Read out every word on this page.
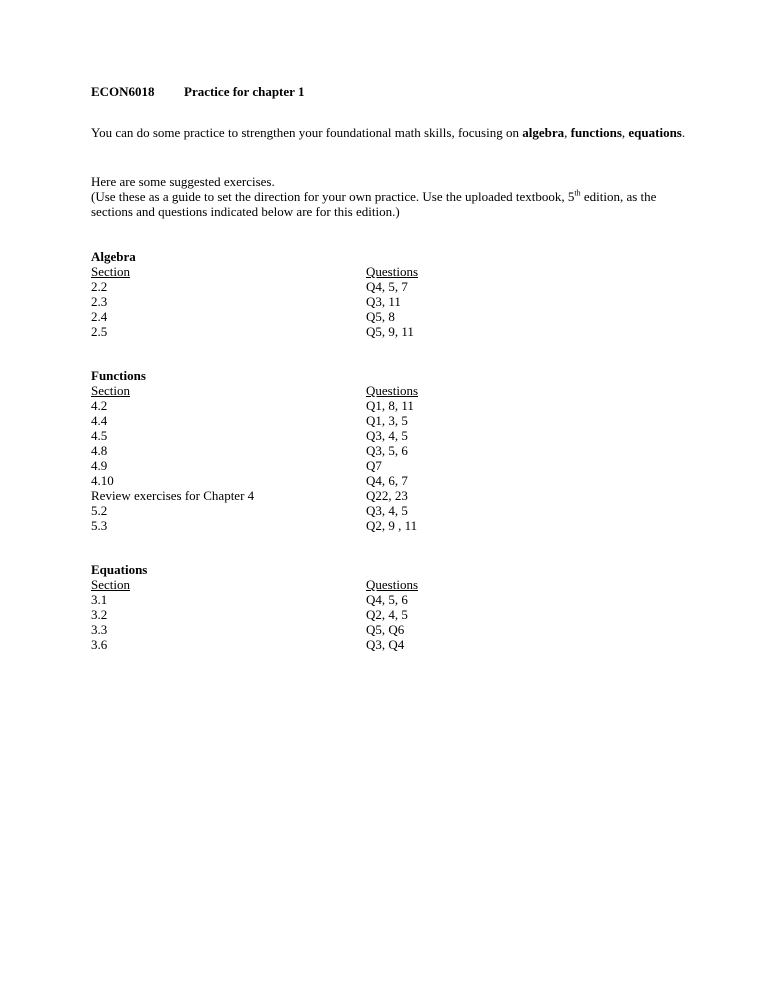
ECON6018 Practice for chapter 1

You can do some practice to strengthen your foundational math skills, focusing on algebra, functions, equations.

Here are some suggested exercises.

(Use these as a guide to set the direction for your own practice. Use the uploaded textbook, 5th edition, as the sections and questions indicated below are for this edition.)

Algebra
Section	Questions
2.2	Q4, 5, 7
2.3	Q3, 11
2.4	Q5, 8
2.5	Q5, 9, 11
Functions
Section	Questions
4.2	Q1, 8, 11
4.4	Q1, 3, 5
4.5	Q3, 4, 5
4.8	Q3, 5, 6
4.9	Q7
4.10	Q4, 6, 7
Review exercises for Chapter 4	Q22, 23
5.2	Q3, 4, 5
5.3	Q2, 9 , 11
Equations
Section	Questions
3.1	Q4, 5, 6
3.2	Q2, 4, 5
3.3	Q5, Q6
3.6	Q3, Q4
